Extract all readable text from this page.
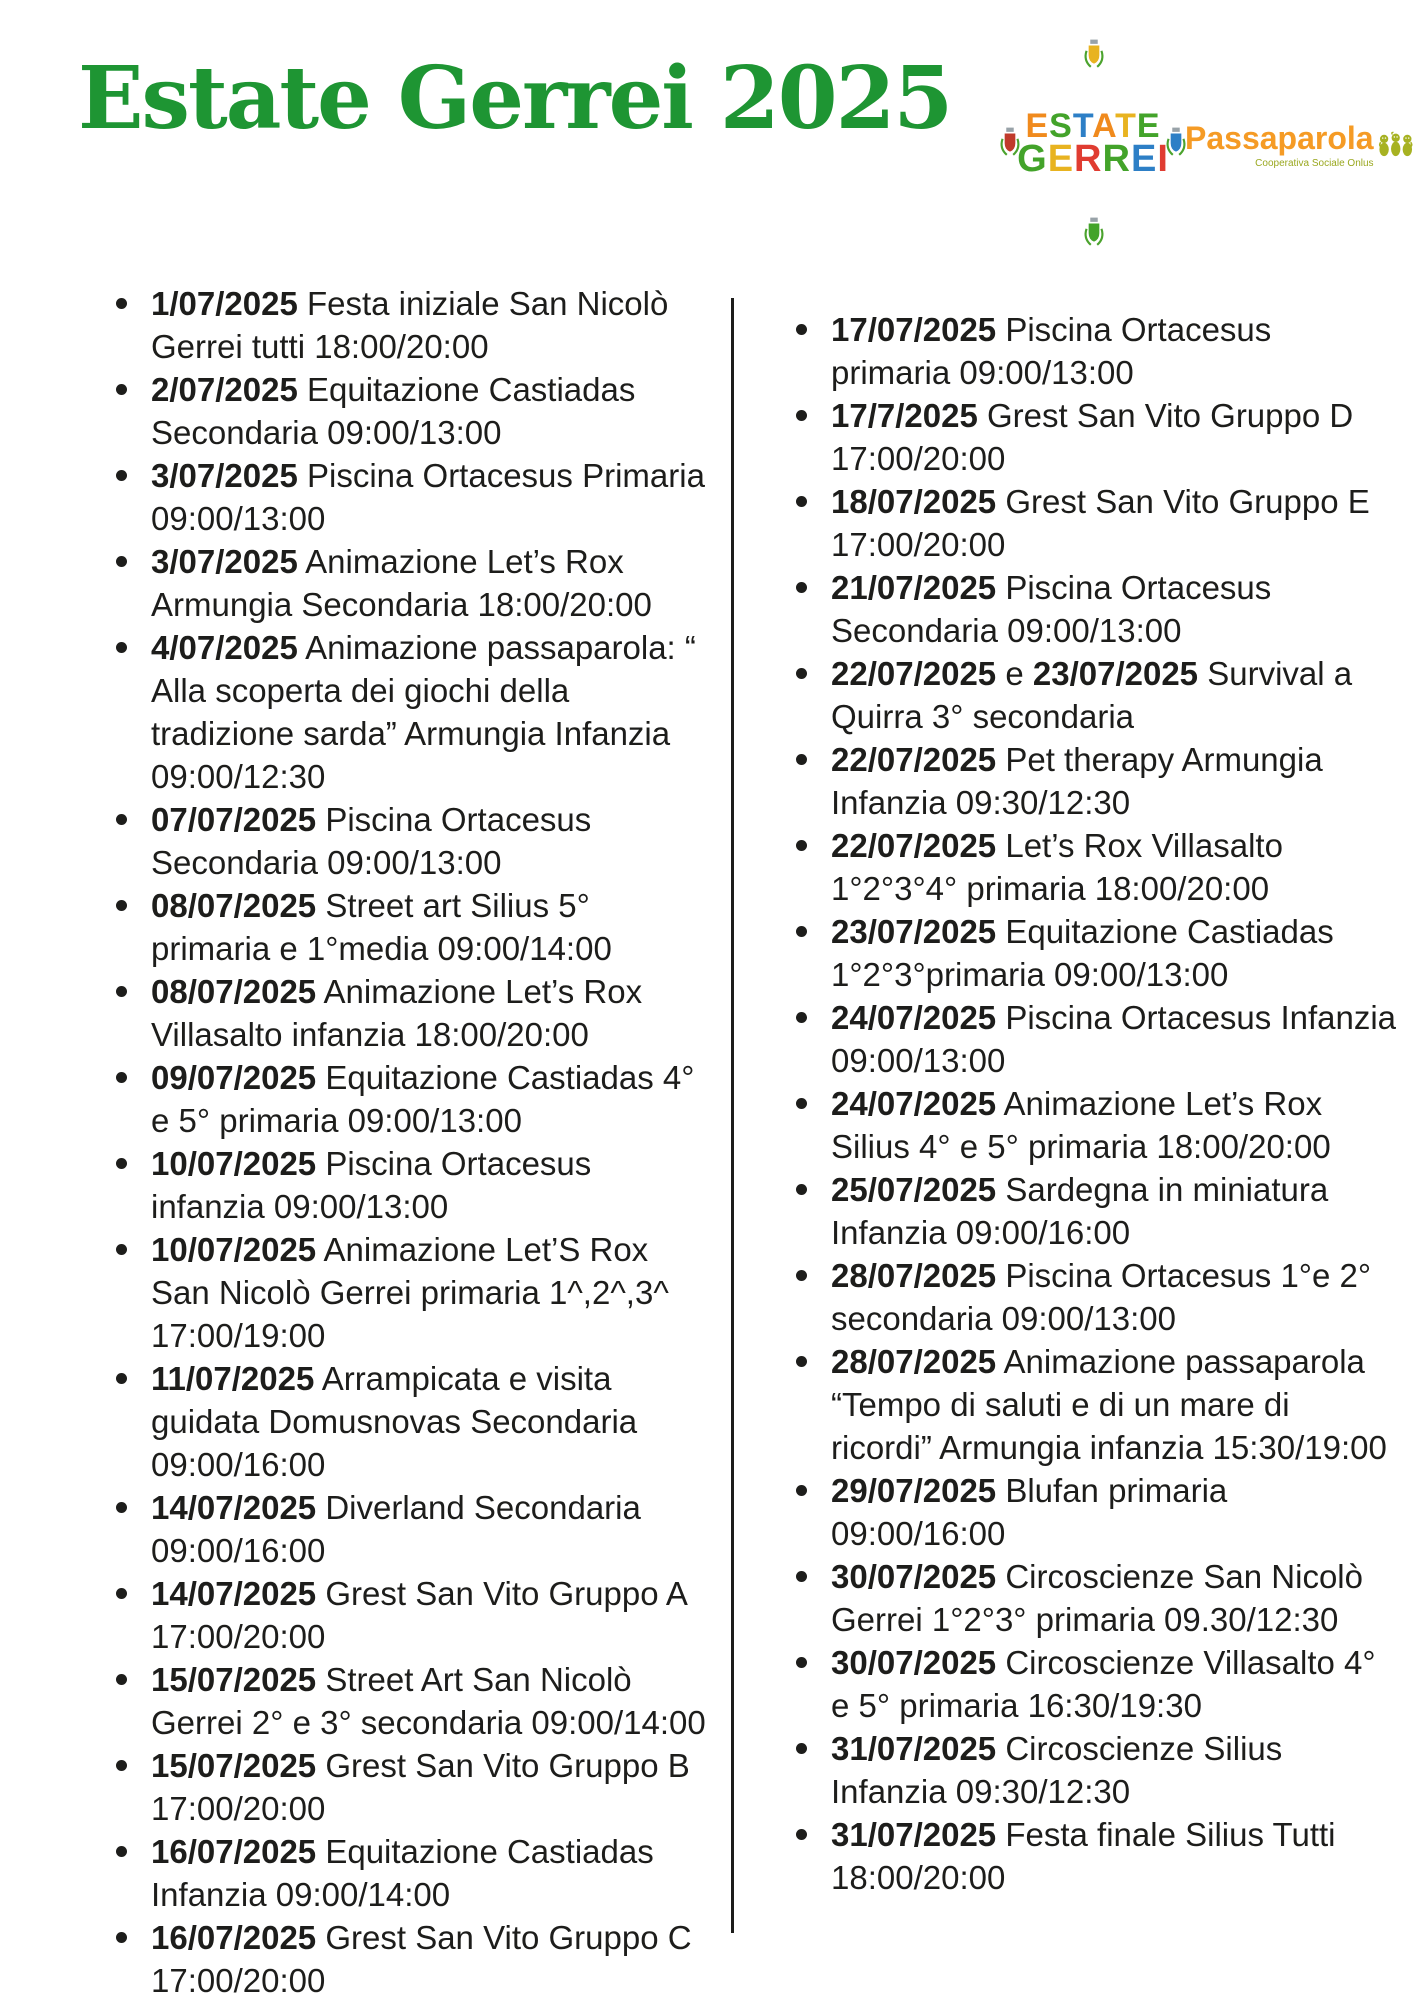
Estate Gerrei 2025 ESTATE
GERREI
Passaparola
Cooperativa Sociale Onlus
1/07/2025 Festa iniziale San Nicolò Gerrei tutti 18:00/20:00
2/07/2025 Equitazione Castiadas Secondaria 09:00/13:00
3/07/2025 Piscina Ortacesus Primaria 09:00/13:00
3/07/2025 Animazione Let’s Rox Armungia Secondaria 18:00/20:00
4/07/2025 Animazione passaparola: “ Alla scoperta dei giochi della tradizione sarda” Armungia Infanzia 09:00/12:30
07/07/2025 Piscina Ortacesus Secondaria 09:00/13:00
08/07/2025 Street art Silius 5° primaria e 1°media 09:00/14:00
08/07/2025 Animazione Let’s Rox Villasalto infanzia 18:00/20:00
09/07/2025 Equitazione Castiadas 4° e 5° primaria 09:00/13:00
10/07/2025 Piscina Ortacesus infanzia 09:00/13:00
10/07/2025 Animazione Let’S Rox San Nicolò Gerrei primaria 1^,2^,3^ 17:00/19:00
11/07/2025 Arrampicata e visita guidata Domusnovas Secondaria 09:00/16:00
14/07/2025 Diverland Secondaria 09:00/16:00
14/07/2025 Grest San Vito Gruppo A 17:00/20:00
15/07/2025 Street Art San Nicolò Gerrei 2° e 3° secondaria 09:00/14:00
15/07/2025 Grest San Vito Gruppo B 17:00/20:00
16/07/2025 Equitazione Castiadas Infanzia 09:00/14:00
16/07/2025 Grest San Vito Gruppo C 17:00/20:00
17/07/2025 Piscina Ortacesus primaria 09:00/13:00
17/7/2025 Grest San Vito Gruppo D 17:00/20:00
18/07/2025 Grest San Vito Gruppo E 17:00/20:00
21/07/2025 Piscina Ortacesus Secondaria 09:00/13:00
22/07/2025 e 23/07/2025 Survival a Quirra 3° secondaria
22/07/2025 Pet therapy Armungia Infanzia 09:30/12:30
22/07/2025 Let’s Rox Villasalto 1°2°3°4° primaria 18:00/20:00
23/07/2025 Equitazione Castiadas 1°2°3°primaria 09:00/13:00
24/07/2025 Piscina Ortacesus Infanzia 09:00/13:00
24/07/2025 Animazione Let’s Rox Silius 4° e 5° primaria 18:00/20:00
25/07/2025 Sardegna in miniatura Infanzia 09:00/16:00
28/07/2025 Piscina Ortacesus 1°e 2° secondaria 09:00/13:00
28/07/2025 Animazione passaparola “Tempo di saluti e di un mare di ricordi” Armungia infanzia 15:30/19:00
29/07/2025 Blufan primaria 09:00/16:00
30/07/2025 Circoscienze San Nicolò Gerrei 1°2°3° primaria 09.30/12:30
30/07/2025 Circoscienze Villasalto 4° e 5° primaria 16:30/19:30
31/07/2025 Circoscienze Silius Infanzia 09:30/12:30
31/07/2025 Festa finale Silius Tutti 18:00/20:00
